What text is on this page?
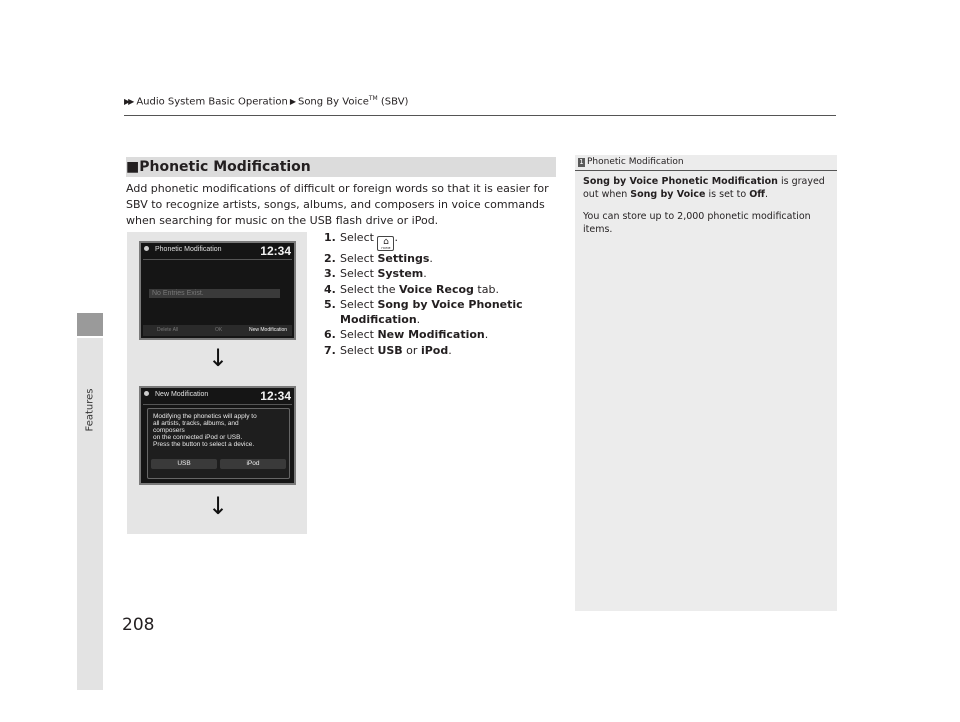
Features
▶▶ Audio System Basic Operation ▶ Song By Voice™ (SBV)
■Phonetic Modification
Add phonetic modifications of difficult or foreign words so that it is easier for SBV to recognize artists, songs, albums, and composers in voice commands when searching for music on the USB flash drive or iPod.
Phonetic Modification	12:34
No Entries Exist.
Delete All	OK	New Modification
↓
New Modification	12:34
Modifying the phonetics will apply to
all artists, tracks, albums, and
composers
on the connected iPod or USB.
Press the button to select a device.
USB	iPod
↓
1. Select ⌂
HOME
.
2. Select Settings.
3. Select System.
4. Select the Voice Recog tab.
5. Select Song by Voice Phonetic Modification.
6. Select New Modification.
7. Select USB or iPod.
1 Phonetic Modification

Song by Voice Phonetic Modification is grayed out when Song by Voice is set to Off.

You can store up to 2,000 phonetic modification items.

208
